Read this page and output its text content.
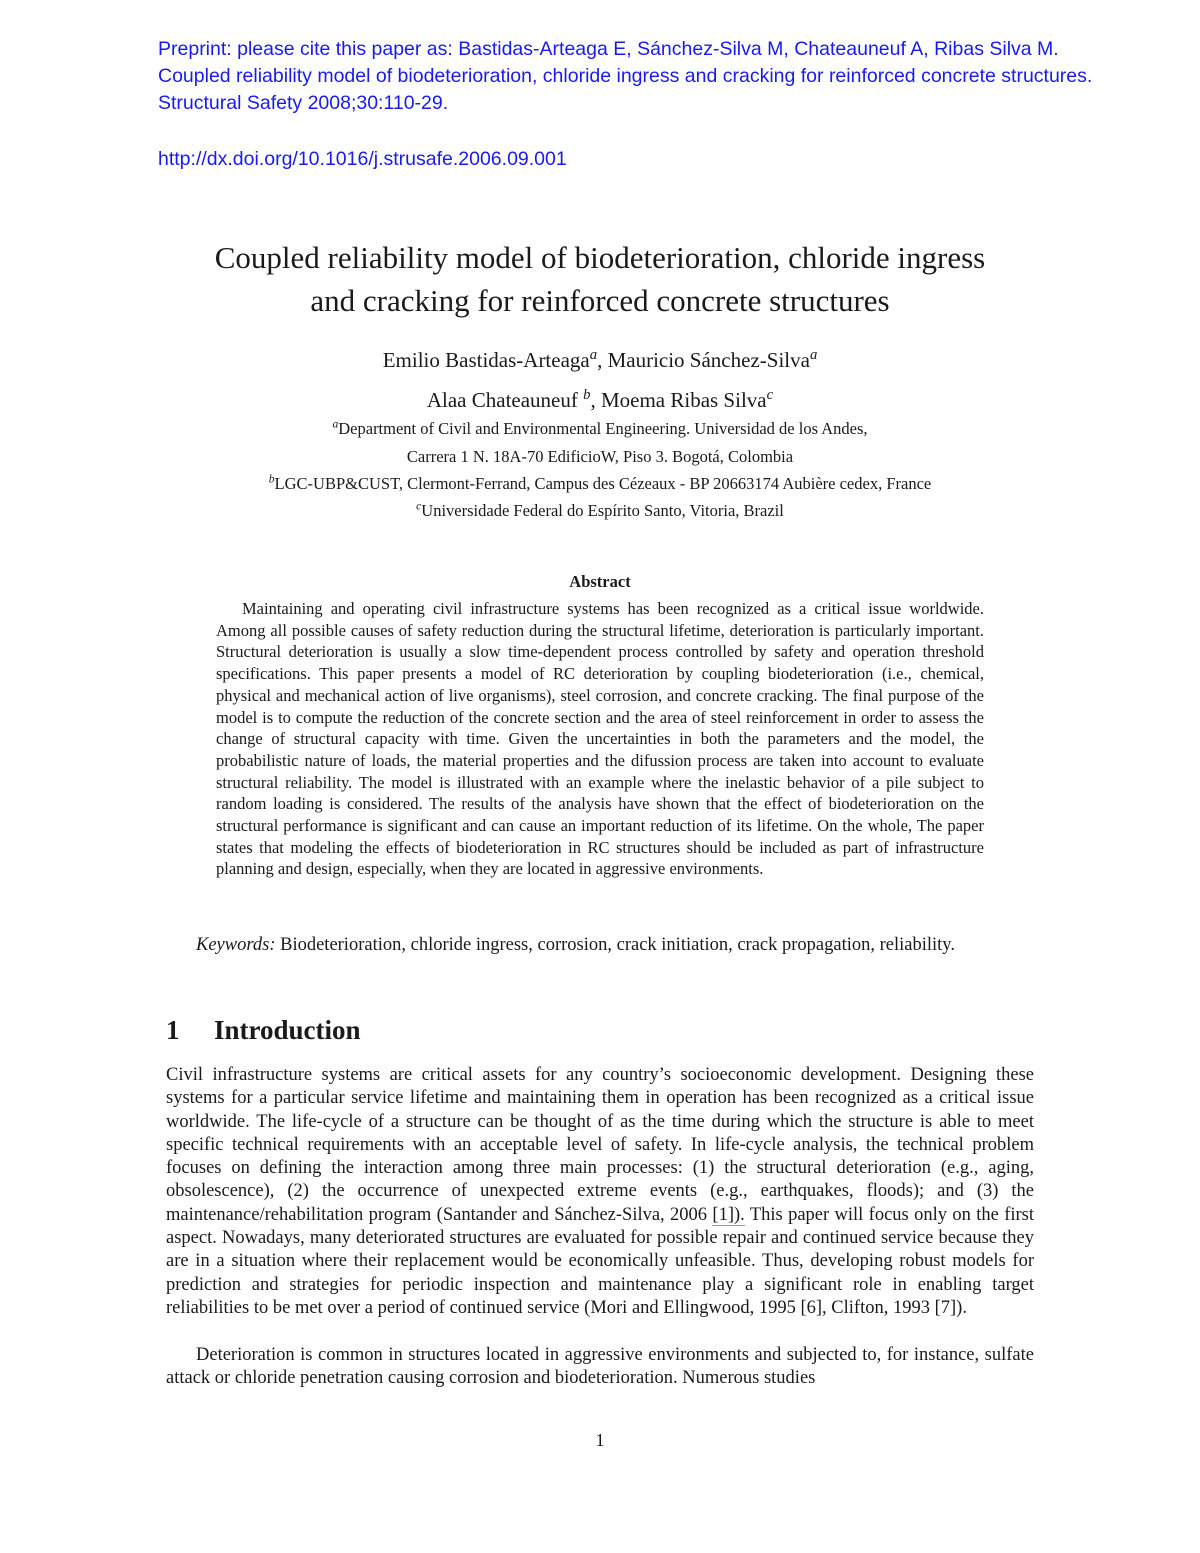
Preprint: please cite this paper as: Bastidas-Arteaga E, Sánchez-Silva M, Chateauneuf A, Ribas Silva M. Coupled reliability model of biodeterioration, chloride ingress and cracking for reinforced concrete structures. Structural Safety 2008;30:110-29.

http://dx.doi.org/10.1016/j.strusafe.2006.09.001
Coupled reliability model of biodeterioration, chloride ingress
and cracking for reinforced concrete structures
Emilio Bastidas-Arteaga$^a$, Mauricio Sánchez-Silva$^a$
Alaa Chateauneuf $^b$, Moema Ribas Silva$^c$
$^a$Department of Civil and Environmental Engineering. Universidad de los Andes,
Carrera 1 N. 18A-70 EdificioW, Piso 3. Bogotá, Colombia
$^b$LGC-UBP&CUST, Clermont-Ferrand, Campus des Cézeaux - BP 20663174 Aubière cedex, France
$^c$Universidade Federal do Espírito Santo, Vitoria, Brazil
Abstract

Maintaining and operating civil infrastructure systems has been recognized as a critical issue worldwide. Among all possible causes of safety reduction during the structural lifetime, deterioration is particularly important. Structural deterioration is usually a slow time-dependent process controlled by safety and operation threshold specifications. This paper presents a model of RC deterioration by coupling biodeterioration (i.e., chemical, physical and mechanical action of live organisms), steel corrosion, and concrete cracking. The final purpose of the model is to compute the reduction of the concrete section and the area of steel reinforcement in order to assess the change of structural capacity with time. Given the uncertainties in both the parameters and the model, the probabilistic nature of loads, the material properties and the difussion process are taken into account to evaluate structural reliability. The model is illustrated with an example where the inelastic behavior of a pile subject to random loading is considered. The results of the analysis have shown that the effect of biodeterioration on the structural performance is significant and can cause an important reduction of its lifetime. On the whole, The paper states that modeling the effects of biodeterioration in RC structures should be included as part of infrastructure planning and design, especially, when they are located in aggressive environments.

Keywords: Biodeterioration, chloride ingress, corrosion, crack initiation, crack propagation, reliability.

1 Introduction

Civil infrastructure systems are critical assets for any country’s socioeconomic development. Designing these systems for a particular service lifetime and maintaining them in operation has been recognized as a critical issue worldwide. The life-cycle of a structure can be thought of as the time during which the structure is able to meet specific technical requirements with an acceptable level of safety. In life-cycle analysis, the technical problem focuses on defining the interaction among three main processes: (1) the structural deterioration (e.g., aging, obsolescence), (2) the occurrence of unexpected extreme events (e.g., earthquakes, floods); and (3) the maintenance/rehabilitation program (Santander and Sánchez-Silva, 2006 [1]). This paper will focus only on the first aspect. Nowadays, many deteriorated structures are evaluated for possible repair and continued service because they are in a situation where their replacement would be economically unfeasible. Thus, developing robust models for prediction and strategies for periodic inspection and maintenance play a significant role in enabling target reliabilities to be met over a period of continued service (Mori and Ellingwood, 1995 [6], Clifton, 1993 [7]).

Deterioration is common in structures located in aggressive environments and subjected to, for instance, sulfate attack or chloride penetration causing corrosion and biodeterioration. Numerous studies

1
